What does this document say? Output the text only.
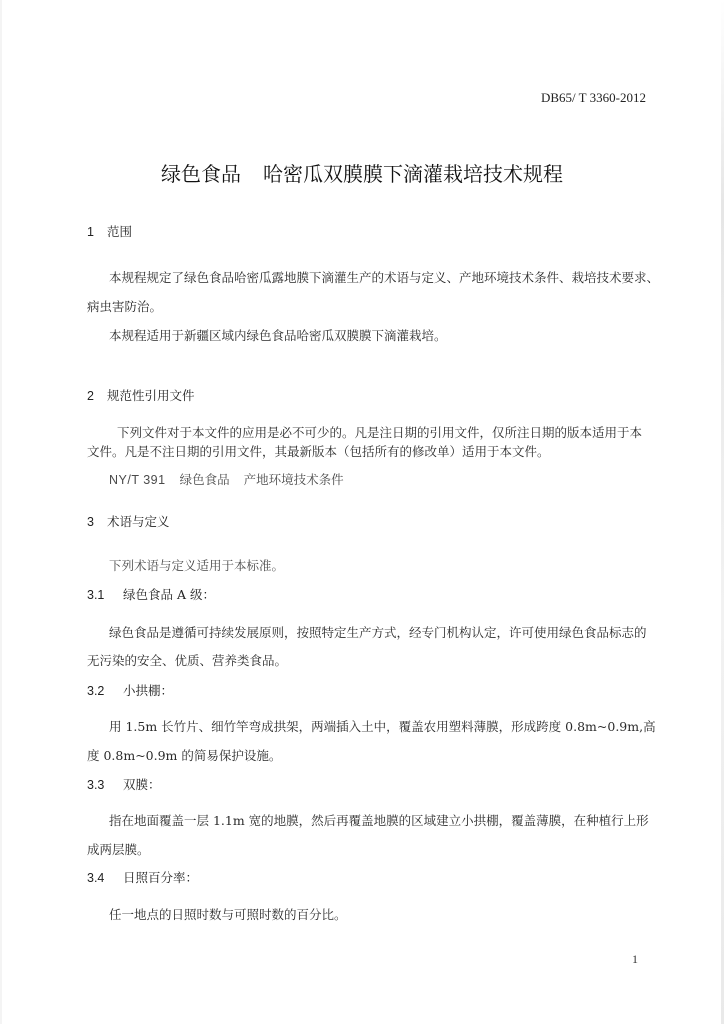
DB65/ T 3360-2012
绿色食品 哈密瓜双膜膜下滴灌栽培技术规程
1 范围
本规程规定了绿色食品哈密瓜露地膜下滴灌生产的术语与定义、产地环境技术条件、栽培技术要求、
病虫害防治。
本规程适用于新疆区域内绿色食品哈密瓜双膜膜下滴灌栽培。
2 规范性引用文件
下列文件对于本文件的应用是必不可少的。凡是注日期的引用文件，仅所注日期的版本适用于本
文件。凡是不注日期的引用文件，其最新版本（包括所有的修改单）适用于本文件。
NY/T 391 绿色食品 产地环境技术条件
3 术语与定义
下列术语与定义适用于本标准。
3.1 绿色食品 A 级：
绿色食品是遵循可持续发展原则，按照特定生产方式，经专门机构认定，许可使用绿色食品标志的
无污染的安全、优质、营养类食品。
3.2 小拱棚：
用 1.5m 长竹片、细竹竿弯成拱架，两端插入土中，覆盖农用塑料薄膜，形成跨度 0.8m~0.9m,高
度 0.8m~0.9m 的简易保护设施。
3.3 双膜：
指在地面覆盖一层 1.1m 宽的地膜，然后再覆盖地膜的区域建立小拱棚，覆盖薄膜，在种植行上形
成两层膜。
3.4 日照百分率：
任一地点的日照时数与可照时数的百分比。
1
